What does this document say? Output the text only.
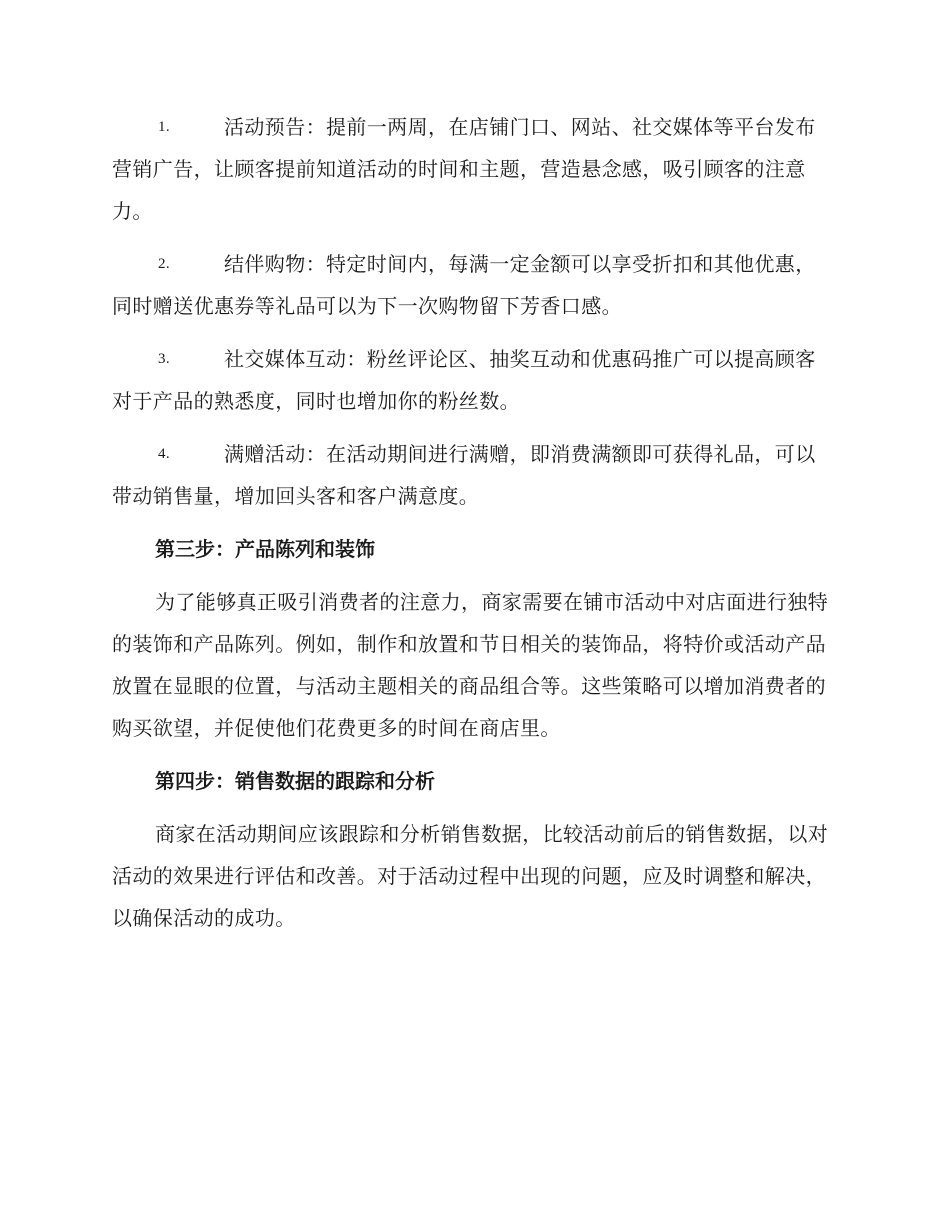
1.	活动预告：提前一两周，在店铺门口、网站、社交媒体等平台发布营销广告，让顾客提前知道活动的时间和主题，营造悬念感，吸引顾客的注意力。
2.	结伴购物：特定时间内，每满一定金额可以享受折扣和其他优惠，同时赠送优惠券等礼品可以为下一次购物留下芳香口感。
3.	社交媒体互动：粉丝评论区、抽奖互动和优惠码推广可以提高顾客对于产品的熟悉度，同时也增加你的粉丝数。
4.	满赠活动：在活动期间进行满赠，即消费满额即可获得礼品，可以带动销售量，增加回头客和客户满意度。
第三步：产品陈列和装饰
为了能够真正吸引消费者的注意力，商家需要在铺市活动中对店面进行独特的装饰和产品陈列。例如，制作和放置和节日相关的装饰品，将特价或活动产品放置在显眼的位置，与活动主题相关的商品组合等。这些策略可以增加消费者的购买欲望，并促使他们花费更多的时间在商店里。
第四步：销售数据的跟踪和分析
商家在活动期间应该跟踪和分析销售数据，比较活动前后的销售数据，以对活动的效果进行评估和改善。对于活动过程中出现的问题，应及时调整和解决，以确保活动的成功。
